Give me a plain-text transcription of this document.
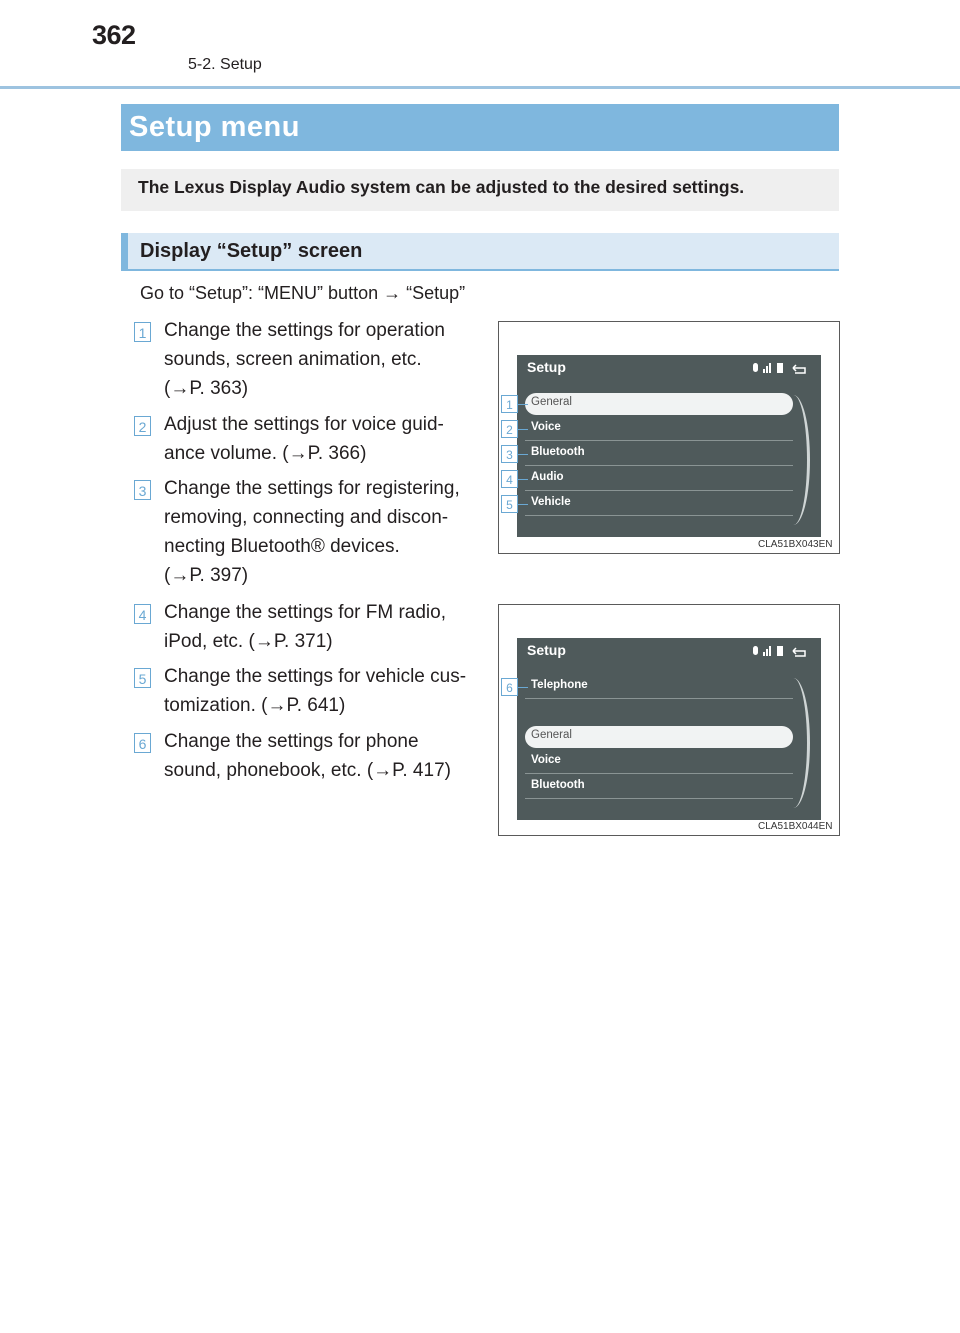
362
5-2. Setup
Setup menu
The Lexus Display Audio system can be adjusted to the desired settings.
Display “Setup” screen
Go to “Setup”: “MENU” button → “Setup”
1 Change the settings for operation
sounds, screen animation, etc.
(→P. 363)
2 Adjust the settings for voice guid-
ance volume. (→P. 366)
3 Change the settings for registering,
removing, connecting and discon-
necting Bluetooth® devices.
(→P. 397)
4 Change the settings for FM radio,
iPod, etc. (→P. 371)
5 Change the settings for vehicle cus-
tomization. (→P. 641)
6 Change the settings for phone
sound, phonebook, etc. (→P. 417)
Setup
General
Voice
Bluetooth
Audio
Vehicle
1
2
3
4
5
CLA51BX043EN
Setup
Telephone
General
Voice
Bluetooth
6
CLA51BX044EN
